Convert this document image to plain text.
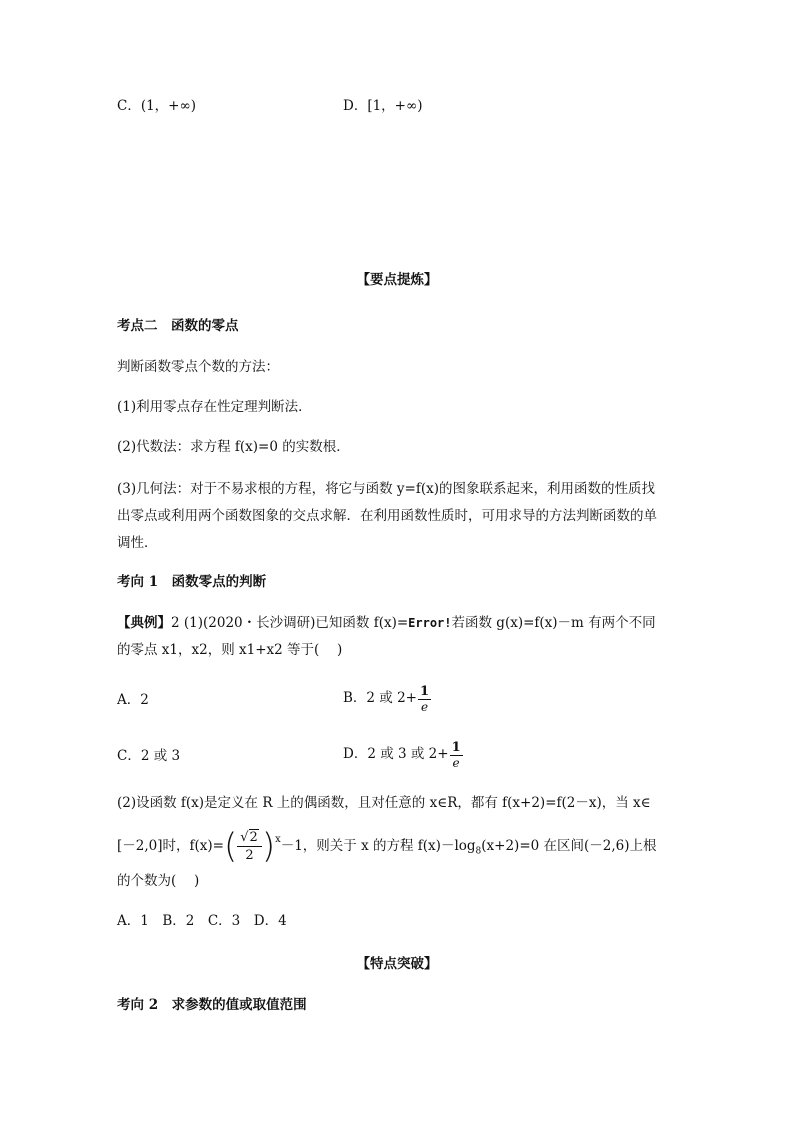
C．(1，+∞)	D．[1，+∞)
【要点提炼】
考点二　函数的零点
判断函数零点个数的方法：
(1)利用零点存在性定理判断法．
(2)代数法：求方程 f(x)=0 的实数根．
(3)几何法：对于不易求根的方程，将它与函数 y=f(x)的图象联系起来，利用函数的性质找
出零点或利用两个函数图象的交点求解．在利用函数性质时，可用求导的方法判断函数的单
调性．
考向 1　函数零点的判断
【典例】2 (1)(2020・长沙调研)已知函数 f(x)=Error!若函数 g(x)=f(x)－m 有两个不同
的零点 x1，x2，则 x1+x2 等于(　 )
A．2	B．2 或 $2+ \frac{1}{e}$
C．2 或 3	D．2 或 3 或 $2+ \frac{1}{e}$
(2)设函数 f(x)是定义在 R 上的偶函数，且对任意的 x∈R，都有 f(x+2)=f(2－x)，当 x∈
[－2,0]时，$f(x)=( \frac{√2}{2} )^x-1$，则关于 x 的方程 $f(x)-\log_8(x+2)=0$ 在区间(－2,6)上根
的个数为(　 )
A．1　B．2　C．3　D．4
【特点突破】
考向 2　求参数的值或取值范围
